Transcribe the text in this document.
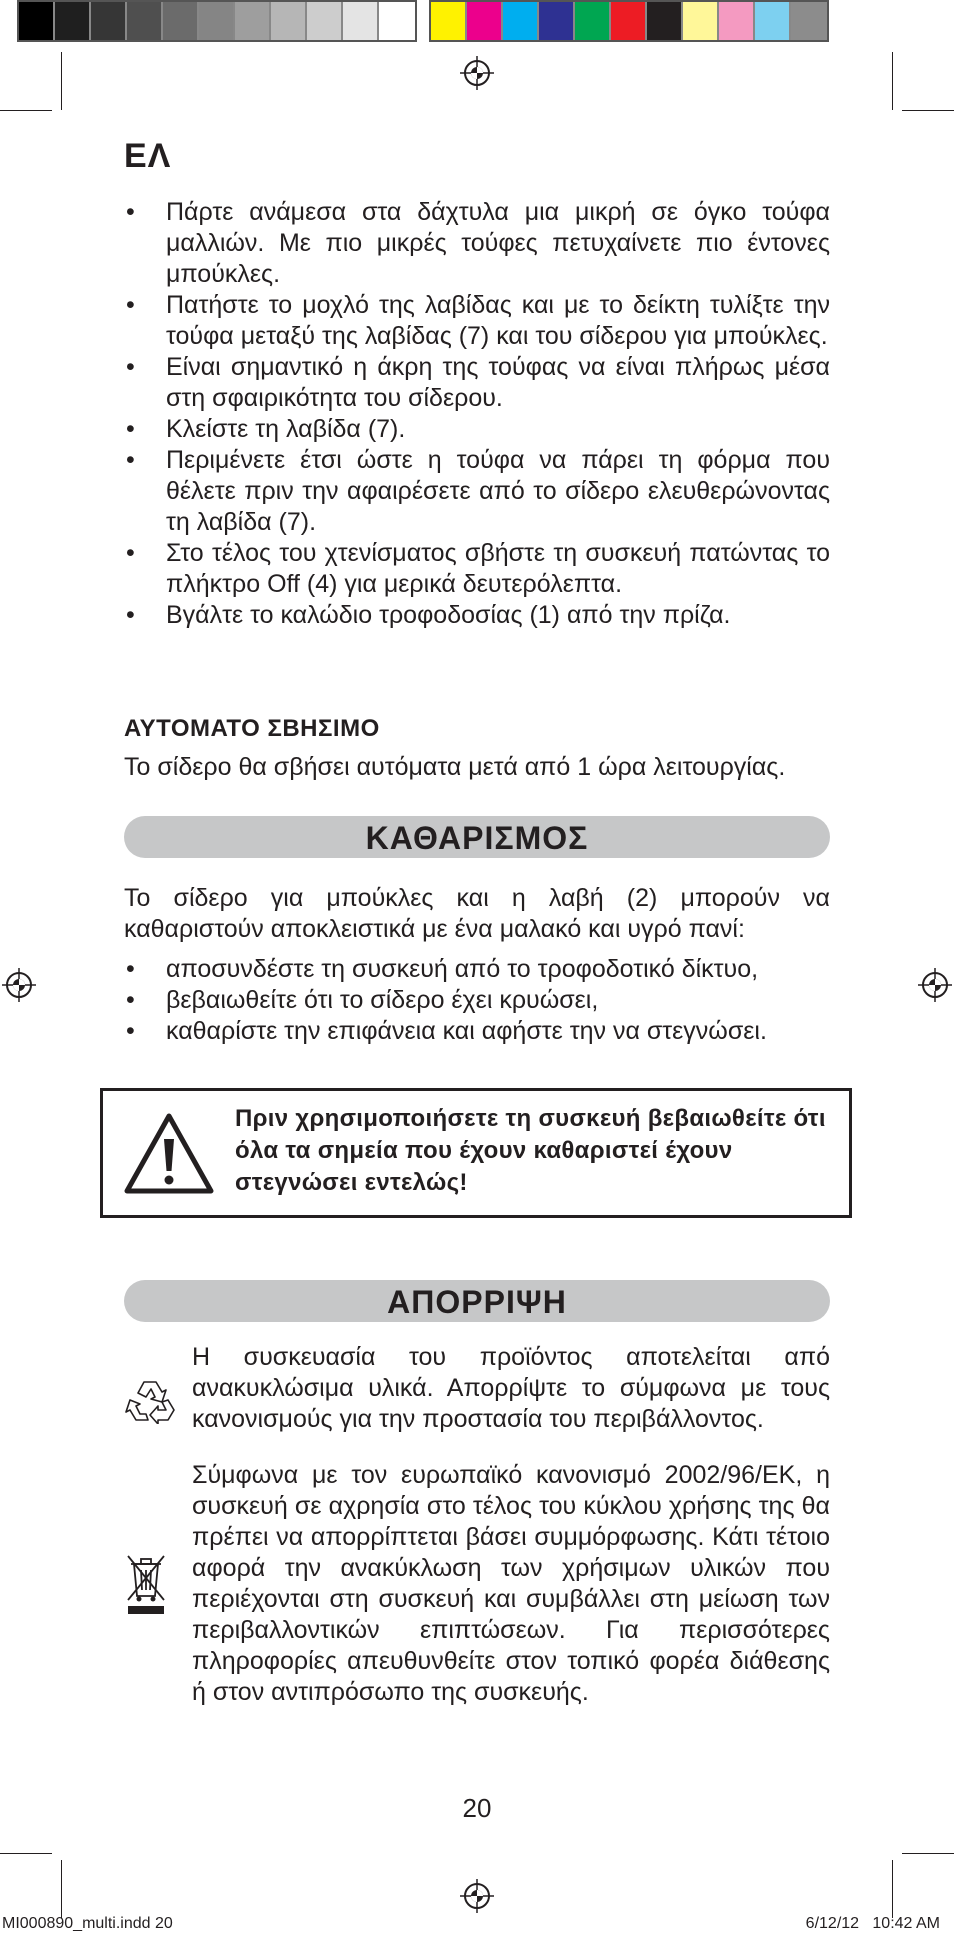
ΕΛ
• Πάρτε ανάμεσα στα δάχτυλα μια μικρή σε όγκο τούφα μαλλιών. Με πιο μικρές τούφες πετυχαίνετε πιο έντονες μπούκλες.
• Πατήστε το μοχλό της λαβίδας και με το δείκτη τυλίξτε την τούφα μεταξύ της λαβίδας (7) και του σίδερου για μπούκλες.
• Είναι σημαντικό η άκρη της τούφας να είναι πλήρως μέσα στη σφαιρικότητα του σίδερου.
• Κλείστε τη λαβίδα (7).
• Περιμένετε έτσι ώστε η τούφα να πάρει τη φόρμα που θέλετε πριν την αφαιρέσετε από το σίδερο ελευθερώνοντας τη λαβίδα (7).
• Στο τέλος του χτενίσματος σβήστε τη συσκευή πατώντας το πλήκτρο Off (4) για μερικά δευτερόλεπτα.
• Βγάλτε το καλώδιο τροφοδοσίας (1) από την πρίζα.

ΑΥΤΟΜΑΤΟ ΣΒΗΣΙΜΟ

Το σίδερο θα σβήσει αυτόματα μετά από 1 ώρα λειτουργίας.

ΚΑΘΑΡΙΣΜΟΣ

Το σίδερο για μπούκλες και η λαβή (2) μπορούν να καθαριστούν αποκλειστικά με ένα μαλακό και υγρό πανί:

• αποσυνδέστε τη συσκευή από το τροφοδοτικό δίκτυο,
• βεβαιωθείτε ότι το σίδερο έχει κρυώσει,
• καθαρίστε την επιφάνεια και αφήστε την να στεγνώσει.
Πριν χρησιμοποιήσετε τη συσκευή βεβαιωθείτε ότι όλα τα σημεία που έχουν καθαριστεί έχουν στεγνώσει εντελώς!
ΑΠΟΡΡΙΨΗ
Η συσκευασία του προϊόντος αποτελείται από ανακυκλώσιμα υλικά. Απορρίψτε το σύμφωνα με τους κανονισμούς για την προστασία του περιβάλλοντος.
Σύμφωνα με τον ευρωπαϊκό κανονισμό 2002/96/ΕΚ, η συσκευή σε αχρησία στο τέλος του κύκλου χρήσης της θα πρέπει να απορρίπτεται βάσει συμμόρφωσης. Κάτι τέτοιο αφορά την ανακύκλωση των χρήσιμων υλικών που περιέχονται στη συσκευή και συμβάλλει στη μείωση των περιβαλλοντικών επιπτώσεων. Για περισσότερες πληροφορίες απευθυνθείτε στον τοπικό φορέα διάθεσης ή στον αντιπρόσωπο της συσκευής.
20
MI000890_multi.indd 20	6/12/12   10:42 AM
